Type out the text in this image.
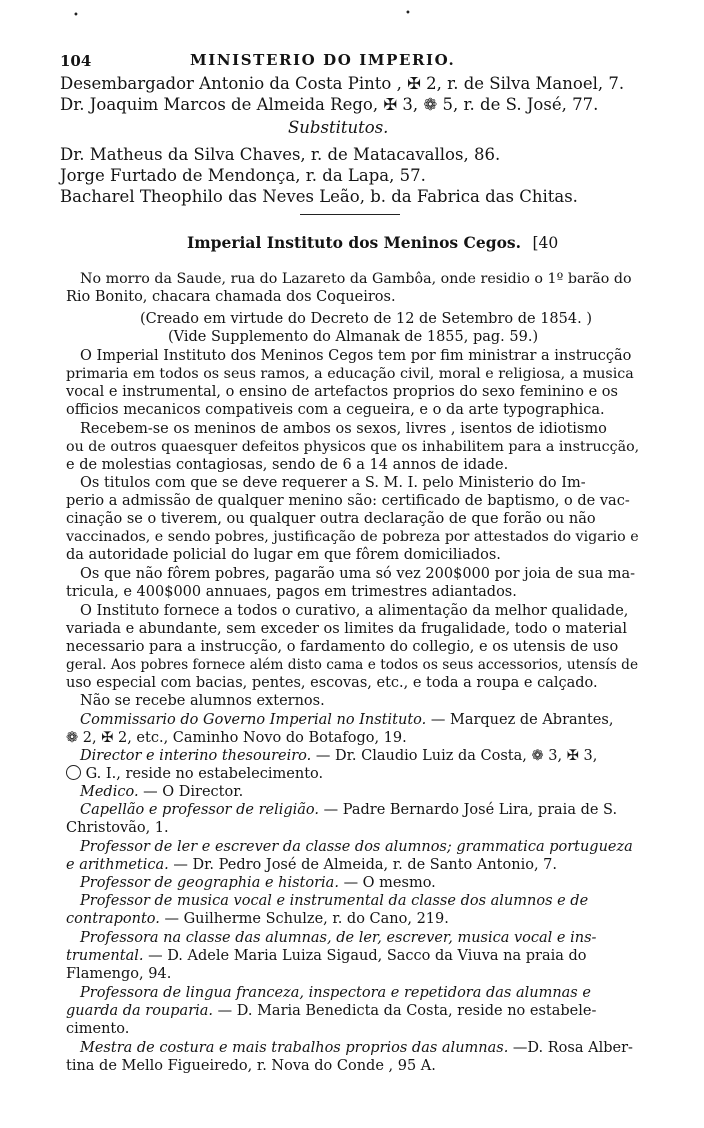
•	•
104	MINISTERIO DO IMPERIO.
Desembargador Antonio da Costa Pinto , ✠ 2, r. de Silva Manoel, 7.
Dr. Joaquim Marcos de Almeida Rego, ✠ 3, ❁ 5, r. de S. José, 77.
Substitutos.
Dr. Matheus da Silva Chaves, r. de Matacavallos, 86.
Jorge Furtado de Mendonça, r. da Lapa, 57.
Bacharel Theophilo das Neves Leão, b. da Fabrica das Chitas.
Imperial Instituto dos Meninos Cegos. [40
No morro da Saude, rua do Lazareto da Gambôa, onde residio o 1º barão do
Rio Bonito, chacara chamada dos Coqueiros.
(Creado em virtude do Decreto de 12 de Setembro de 1854. )
(Vide Supplemento do Almanak de 1855, pag. 59.)
O Imperial Instituto dos Meninos Cegos tem por fim ministrar a instrucção
primaria em todos os seus ramos, a educação civil, moral e religiosa, a musica
vocal e instrumental, o ensino de artefactos proprios do sexo feminino e os
officios mecanicos compativeis com a cegueira, e o da arte typographica.
Recebem-se os meninos de ambos os sexos, livres , isentos de idiotismo
ou de outros quaesquer defeitos physicos que os inhabilitem para a instrucção,
e de molestias contagiosas, sendo de 6 a 14 annos de idade.
Os titulos com que se deve requerer a S. M. I. pelo Ministerio do Im-
perio a admissão de qualquer menino são: certificado de baptismo, o de vac-
cinação se o tiverem, ou qualquer outra declaração de que forão ou não
vaccinados, e sendo pobres, justificação de pobreza por attestados do vigario e
da autoridade policial do lugar em que fôrem domiciliados.
Os que não fôrem pobres, pagarão uma só vez 200$000 por joia de sua ma-
tricula, e 400$000 annuaes, pagos em trimestres adiantados.
O Instituto fornece a todos o curativo, a alimentação da melhor qualidade,
variada e abundante, sem exceder os limites da frugalidade, todo o material
necessario para a instrucção, o fardamento do collegio, e os utensis de uso
geral. Aos pobres fornece além disto cama e todos os seus accessorios, utensís de
uso especial com bacias, pentes, escovas, etc., e toda a roupa e calçado.
Não se recebe alumnos externos.
Commissario do Governo Imperial no Instituto. — Marquez de Abrantes,
❁ 2, ✠ 2, etc., Caminho Novo do Botafogo, 19.
Director e interino thesoureiro. — Dr. Claudio Luiz da Costa, ❁ 3, ✠ 3,
G. I., reside no estabelecimento.
Medico. — O Director.
Capellão e professor de religião. — Padre Bernardo José Lira, praia de S.
Christovão, 1.
Professor de ler e escrever da classe dos alumnos; grammatica portugueza
e arithmetica. — Dr. Pedro José de Almeida, r. de Santo Antonio, 7.
Professor de geographia e historia. — O mesmo.
Professor de musica vocal e instrumental da classe dos alumnos e de
contraponto. — Guilherme Schulze, r. do Cano, 219.
Professora na classe das alumnas, de ler, escrever, musica vocal e ins-
trumental. — D. Adele Maria Luiza Sigaud, Sacco da Viuva na praia do
Flamengo, 94.
Professora de lingua franceza, inspectora e repetidora das alumnas e
guarda da rouparia. — D. Maria Benedicta da Costa, reside no estabele-
cimento.
Mestra de costura e mais trabalhos proprios das alumnas. —D. Rosa Alber-
tina de Mello Figueiredo, r. Nova do Conde , 95 A.
